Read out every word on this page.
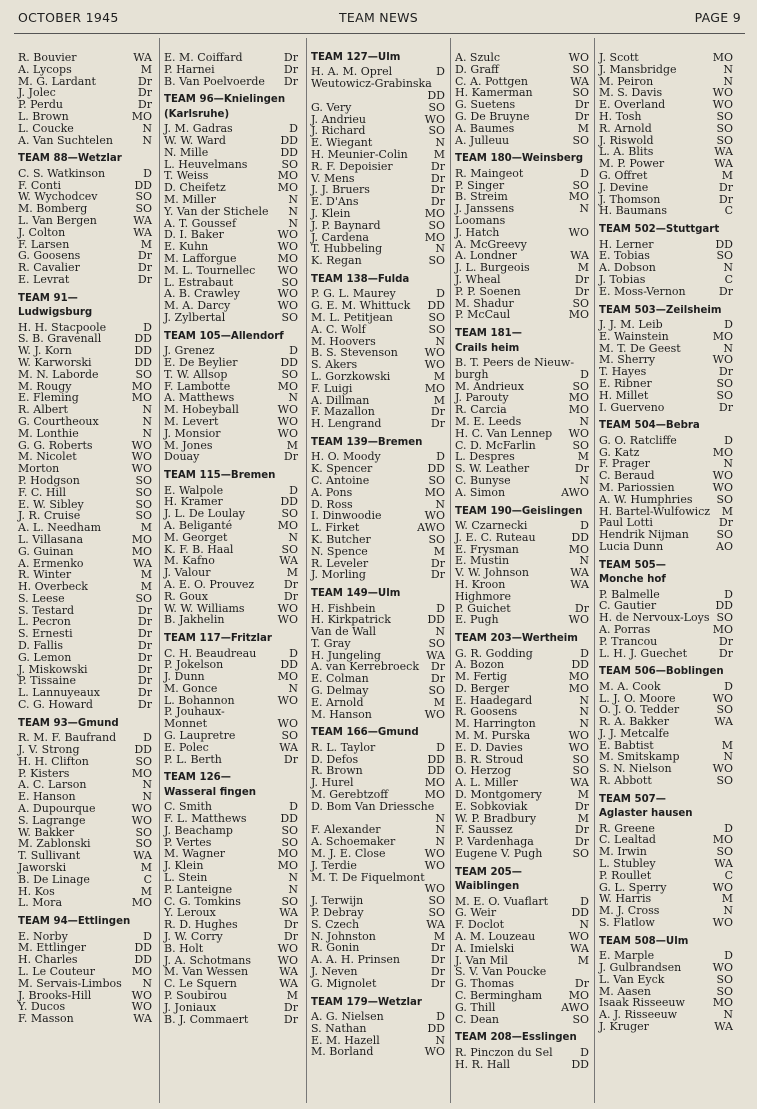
OCTOBER 1945	TEAM NEWS	PAGE 9
R. Bouvier	WA
A. Lycops	M
M. G. Lardant	Dr
J. Jolec	Dr
P. Perdu	Dr
L. Brown	MO
L. Coucke	N
A. Van Suchtelen	N
TEAM 88—Wetzlar
C. S. Watkinson	D
F. Conti	DD
W. Wychodcev	SO
M. Bomberg	SO
L. Van Bergen	WA
J. Colton	WA
F. Larsen	M
G. Goosens	Dr
R. Cavalier	Dr
E. Levrat	Dr
TEAM 91—
Ludwigsburg
H. H. Stacpoole	D
S. B. Gravenall	DD
W. J. Korn	DD
W. Karworski	DD
M. N. Laborde	SO
M. Rougy	MO
E. Fleming	MO
R. Albert	N
G. Courtheoux	N
M. Lonthie	N
G. G. Roberts	WO
M. Nicolet	WO
Morton	WO
P. Hodgson	SO
F. C. Hill	SO
E. W. Sibley	SO
J. R. Cruise	SO
A. L. Needham	M
L. Villasana	MO
G. Guinan	MO
A. Ermenko	WA
R. Winter	M
H. Overbeck	M
S. Leese	SO
S. Testard	Dr
L. Pecron	Dr
S. Ernesti	Dr
D. Fallis	Dr
G. Lemon	Dr
J. Miskowski	Dr
P. Tissaine	Dr
L. Lannuyeaux	Dr
C. G. Howard	Dr
TEAM 93—Gmund
R. M. F. Baufrand D
J. V. Strong	DD
H. H. Clifton	SO
P. Kisters	MO
A. C. Larson	N
E. Hanson	N
A. Dupourque	WO
S. Lagrange	WO
W. Bakker	SO
M. Zablonski	SO
T. Sullivant	WA
Jaworski	M
B. De Linage	C
H. Kos	M
L. Mora	MO
TEAM 94—Ettlingen
E. Norby	D
M. Ettlinger	DD
H. Charles	DD
L. Le Couteur	MO
M. Servais-Limbos N
J. Brooks-Hill	WO
Y. Ducos	WO
F. Masson	WA
E. M. Coiffard	Dr
P. Harnei	Dr
B. Van Poelvoerde Dr
TEAM 96—Knielingen
(Karlsruhe)
J. M. Gadras	D
W. W. Ward	DD
N. Mille	DD
L. Heuvelmans	SO
T. Weiss	MO
D. Cheifetz	MO
M. Miller	N
Y. Van der Stichele N
A. T. Goussef	N
D. I. Baker	WO
E. Kuhn	WO
M. Lafforgue	MO
M. L. Tournellec WO
L. Estrabaut	SO
A. B. Crawley	WO
M. A. Darcy	WO
J. Zylbertal	SO
TEAM 105—Allendorf
J. Grenez	D
E. De Beylier	DD
T. W. Allsop	SO
F. Lambotte	MO
A. Matthews	N
M. Hobeyball	WO
M. Levert	WO
J. Monsior	WO
M. Jones	M
Douay	Dr
TEAM 115—Bremen
E. Walpole	D
H. Kramer	DD
J. L. De Loulay	SO
A. Beliganté	MO
M. Georget	N
K. F. B. Haal	SO
M. Kafno	WA
J. Valour	M
A. E. O. Prouvez	Dr
R. Goux	Dr
W. W. Williams	WO
B. Jakhelin	WO
TEAM 117—Fritzlar
C. H. Beaudreau	D
P. Jokelson	DD
J. Dunn	MO
M. Gonce	N
L. Bohannon	WO
P. Jouhaux-
Monnet	WO
G. Laupretre	SO
E. Polec	WA
P. L. Berth	Dr
TEAM 126—
Wasseral fingen
C. Smith	D
F. L. Matthews	DD
J. Beachamp	SO
P. Vertes	SO
M. Wagner	MO
J. Klein	MO
L. Stein	N
P. Lanteigne	N
C. G. Tomkins	SO
Y. Leroux	WA
R. D. Hughes	Dr
J. W. Corry	Dr
B. Holt	WO
J. A. Schotmans WO
M. Van Wessen	WA
C. Le Squern	WA
P. Soubirou	M
J. Joniaux	Dr
B. J. Commaert	Dr
TEAM 127—Ulm
H. A. M. Oprel	D
Weutowicz-Grabinska
DD
G. Very	SO
J. Andrieu	WO
J. Richard	SO
E. Wiegant	N
H. Meunier-Colin M
R. F. Depoisier	Dr
V. Mens	Dr
J. J. Bruers	Dr
E. D'Ans	Dr
J. Klein	MO
J. P. Baynard	SO
J. Cardena	MO
T. Hubbeling	N
K. Regan	SO
TEAM 138—Fulda
P. G. L. Maurey	D
G. E. M. Whittuck DD
M. L. Petitjean	SO
A. C. Wolf	SO
M. Hoovers	N
B. S. Stevenson WO
S. Akers	WO
L. Gorzkowski	M
F. Luigi	MO
A. Dillman	M
F. Mazallon	Dr
H. Lengrand	Dr
TEAM 139—Bremen
H. O. Moody	D
K. Spencer	DD
C. Antoine	SO
A. Pons	MO
D. Ross	N
I. Dinwoodie	WO
L. Firket	AWO
K. Butcher	SO
N. Spence	M
R. Leveler	Dr
J. Morling	Dr
TEAM 149—Ulm
H. Fishbein	D
H. Kirkpatrick	DD
Van de Wall	N
T. Gray	SO
H. Jungeling	WA
A. van Kerrebroeck Dr
E. Colman	Dr
G. Delmay	SO
E. Arnold	M
M. Hanson	WO
TEAM 166—Gmund
R. L. Taylor	D
D. Defos	DD
R. Brown	DD
J. Hurel	MO
M. Gerebtzoff	MO
D. Bom Van Driessche
N
F. Alexander	N
A. Schoemaker	N
M. J. E. Close	WO
J. Terdie	WO
M. T. De Fiquelmont
WO
J. Terwijn	SO
P. Debray	SO
S. Czech	WA
N. Johnston	M
R. Gonin	Dr
A. A. H. Prinsen	Dr
J. Neven	Dr
G. Mignolet	Dr
TEAM 179—Wetzlar
A. G. Nielsen	D
S. Nathan	DD
E. M. Hazell	N
M. Borland	WO
A. Szulc	WO
D. Graff	SO
C. A. Pottgen	WA
H. Kamerman	SO
G. Suetens	Dr
G. De Bruyne	Dr
A. Baumes	M
A. Julleuu	SO
TEAM 180—Weinsberg
R. Maingeot	D
P. Singer	SO
B. Streim	MO
J. Janssens	N
Loomans
J. Hatch	WO
A. McGreevy
A. Londner	WA
J. L. Burgeois	M
J. Wheal	Dr
P. P. Soenen	Dr
M. Shadur	SO
P. McCaul	MO
TEAM 181—
Crails heim
B. T. Peers de Nieuw-
burgh	D
M. Andrieux	SO
J. Parouty	MO
R. Carcia	MO
M. E. Leeds	N
H. C. Van Lennep WO
C. D. McFarlin	SO
L. Despres	M
S. W. Leather	Dr
C. Bunyse	N
A. Simon	AWO
TEAM 190—Geislingen
W. Czarnecki	D
J. E. C. Ruteau	DD
E. Frysman	MO
E. Mustin	N
V. W. Johnson	WA
H. Kroon	WA
Highmore
P. Guichet	Dr
E. Pugh	WO
TEAM 203—Wertheim
G. R. Godding	D
A. Bozon	DD
M. Fertig	MO
D. Berger	MO
E. Haadegard	N
R. Goosens	N
M. Harrington	N
M. M. Purska	WO
E. D. Davies	WO
B. R. Stroud	SO
O. Herzog	SO
A. L. Miller	WA
D. Montgomery	M
E. Sobkoviak	Dr
W. P. Bradbury	M
F. Saussez	Dr
P. Vardenhaga	Dr
Eugene V. Pugh	SO
TEAM 205—
Waiblingen
M. E. O. Vuaflart	D
G. Weir	DD
F. Doclot	N
A. M. Louzeau	WO
A. Imielski	WA
J. Van Mil	M
S. V. Van Poucke
G. Thomas	Dr
C. Bermingham MO
G. Thill	AWO
C. Dean	SO
TEAM 208—Esslingen
R. Pinczon du Sel	D
H. R. Hall	DD
J. Scott	MO
J. Mansbridge	N
M. Peiron	N
M. S. Davis	WO
E. Overland	WO
H. Tosh	SO
R. Arnold	SO
J. Riswold	SO
L. A. Blits	WA
M. P. Power	WA
G. Offret	M
J. Devine	Dr
J. Thomson	Dr
H. Baumans	C
TEAM 502—Stuttgart
H. Lerner	DD
E. Tobias	SO
A. Dobson	N
J. Tobias	C
E. Moss-Vernon	Dr
TEAM 503—Zeilsheim
J. J. M. Leib	D
E. Wainstein	MO
M. T. De Geest	N
M. Sherry	WO
T. Hayes	Dr
E. Ribner	SO
H. Millet	SO
I. Guerveno	Dr
TEAM 504—Bebra
G. O. Ratcliffe	D
G. Katz	MO
F. Prager	N
C. Beraud	WO
M. Pariossien	WO
A. W. Humphries SO
H. Bartel-Wulfowicz M
Paul Lotti	Dr
Hendrik Nijman	SO
Lucia Dunn	AO
TEAM 505—
Monche hof
P. Balmelle	D
C. Gautier	DD
H. de Nervoux-Loys SO
A. Porras	MO
P. Trancou	Dr
L. H. J. Guechet	Dr
TEAM 506—Boblingen
M. A. Cook	D
L. J. O. Moore	WO
O. J. O. Tedder	SO
R. A. Bakker	WA
J. J. Metcalfe
E. Babtist	M
M. Smitskamp	N
S. N. Nielson	WO
R. Abbott	SO
TEAM 507—
Aglaster hausen
R. Greene	D
C. Lealtad	MO
M. Irwin	SO
L. Stubley	WA
P. Roullet	C
G. L. Sperry	WO
W. Harris	M
M. J. Cross	N
S. Flatlow	WO
TEAM 508—Ulm
E. Marple	D
J. Gulbrandsen	WO
L. Van Eyck	SO
M. Aasen	SO
Isaak Risseeuw	MO
A. J. Risseeuw	N
J. Kruger	WA
